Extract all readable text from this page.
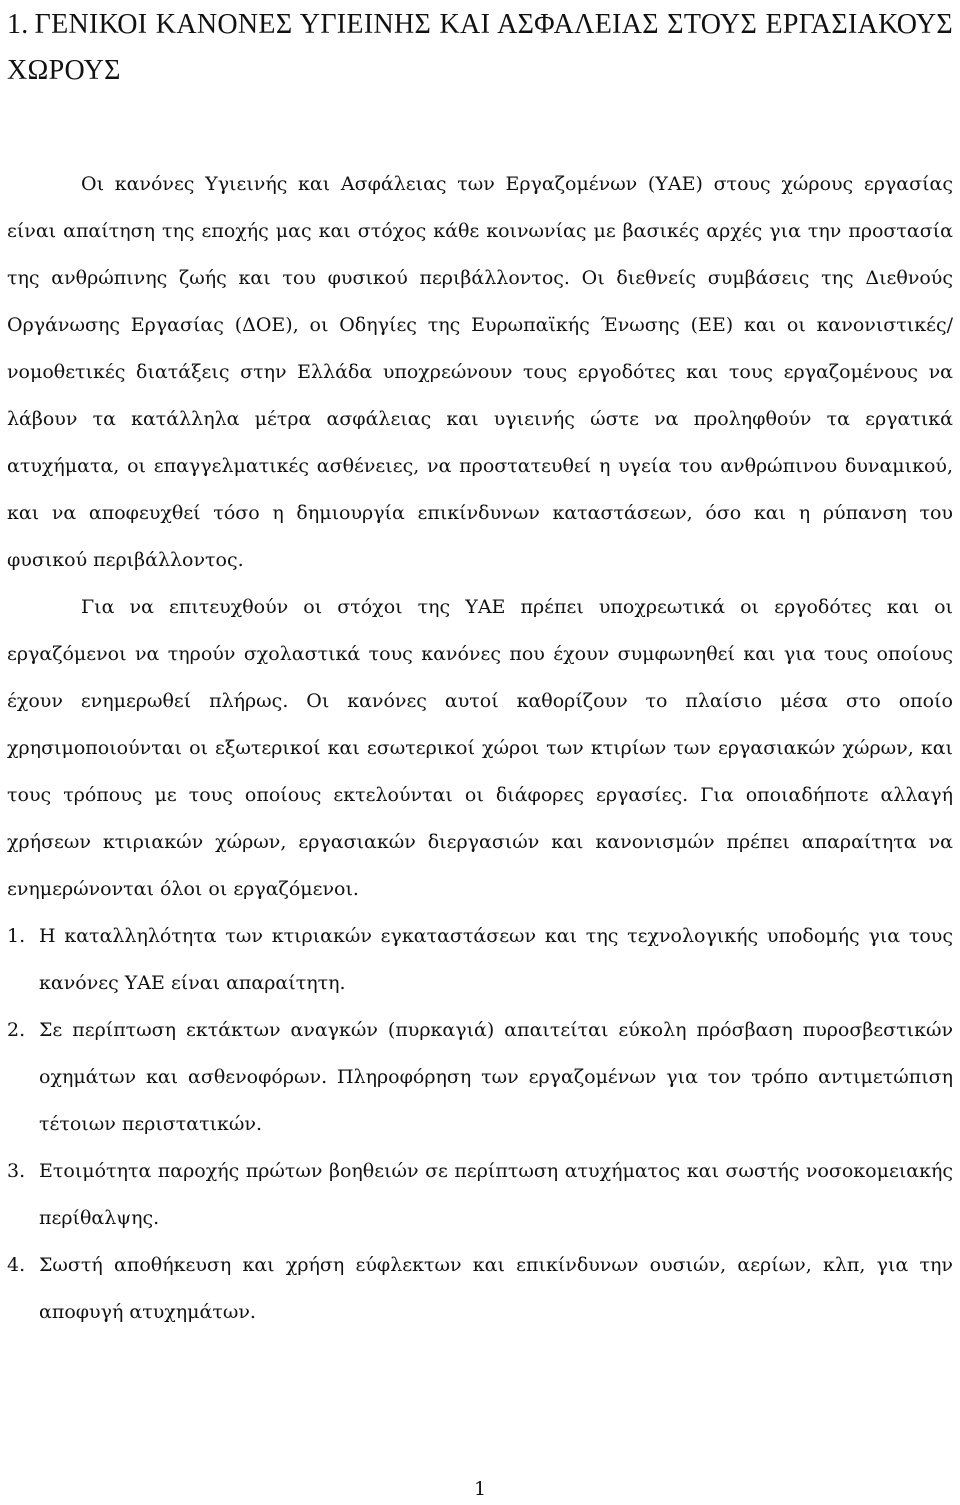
1. ΓΕΝΙΚΟΙ ΚΑΝΟΝΕΣ ΥΓΙΕΙΝΗΣ ΚΑΙ ΑΣΦΑΛΕΙΑΣ ΣΤΟΥΣ ΕΡΓΑΣΙΑΚΟΥΣ ΧΩΡΟΥΣ

Οι κανόνες Υγιεινής και Ασφάλειας των Εργαζομένων (ΥΑΕ) στους χώρους εργασίας είναι απαίτηση της εποχής μας και στόχος κάθε κοινωνίας με βασικές αρχές για την προστασία της ανθρώπινης ζωής και του φυσικού περιβάλλοντος. Οι διεθνείς συμβάσεις της Διεθνούς Οργάνωσης Εργασίας (ΔΟΕ), οι Οδηγίες της Ευρωπαϊκής Ένωσης (ΕΕ) και οι κανονιστικές/νομοθετικές διατάξεις στην Ελλάδα υποχρεώνουν τους εργοδότες και τους εργαζομένους να λάβουν τα κατάλληλα μέτρα ασφάλειας και υγιεινής ώστε να προληφθούν τα εργατικά ατυχήματα, οι επαγγελματικές ασθένειες, να προστατευθεί η υγεία του ανθρώπινου δυναμικού, και να αποφευχθεί τόσο η δημιουργία επικίνδυνων καταστάσεων, όσο και η ρύπανση του φυσικού περιβάλλοντος.

Για να επιτευχθούν οι στόχοι της ΥΑΕ πρέπει υποχρεωτικά οι εργοδότες και οι εργαζόμενοι να τηρούν σχολαστικά τους κανόνες που έχουν συμφωνηθεί και για τους οποίους έχουν ενημερωθεί πλήρως. Οι κανόνες αυτοί καθορίζουν το πλαίσιο μέσα στο οποίο χρησιμοποιούνται οι εξωτερικοί και εσωτερικοί χώροι των κτιρίων των εργασιακών χώρων, και τους τρόπους με τους οποίους εκτελούνται οι διάφορες εργασίες. Για οποιαδήποτε αλλαγή χρήσεων κτιριακών χώρων, εργασιακών διεργασιών και κανονισμών πρέπει απαραίτητα να ενημερώνονται όλοι οι εργαζόμενοι.

1. Η καταλληλότητα των κτιριακών εγκαταστάσεων και της τεχνολογικής υποδομής για τους κανόνες ΥΑΕ είναι απαραίτητη.
2. Σε περίπτωση εκτάκτων αναγκών (πυρκαγιά) απαιτείται εύκολη πρόσβαση πυροσβεστικών οχημάτων και ασθενοφόρων. Πληροφόρηση των εργαζομένων για τον τρόπο αντιμετώπιση τέτοιων περιστατικών.
3. Ετοιμότητα παροχής πρώτων βοηθειών σε περίπτωση ατυχήματος και σωστής νοσοκομειακής περίθαλψης.
4. Σωστή αποθήκευση και χρήση εύφλεκτων και επικίνδυνων ουσιών, αερίων, κλπ, για την αποφυγή ατυχημάτων.
1
